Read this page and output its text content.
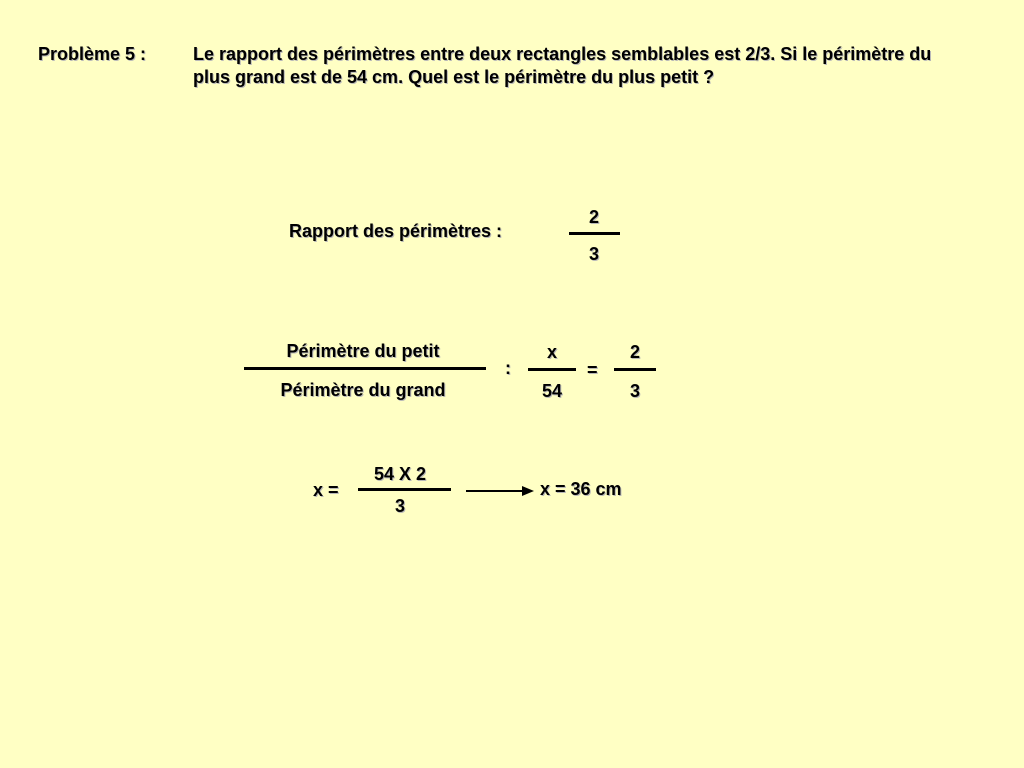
Problème 5 :	Le rapport des périmètres entre deux rectangles semblables est 2/3. Si le périmètre du plus grand est de 54 cm. Quel est le périmètre du plus petit ?
Rapport des périmètres :
2
3
Périmètre du petit
Périmètre du grand
:
x
54
=
2
3
x =
54 X 2
3
x = 36 cm
